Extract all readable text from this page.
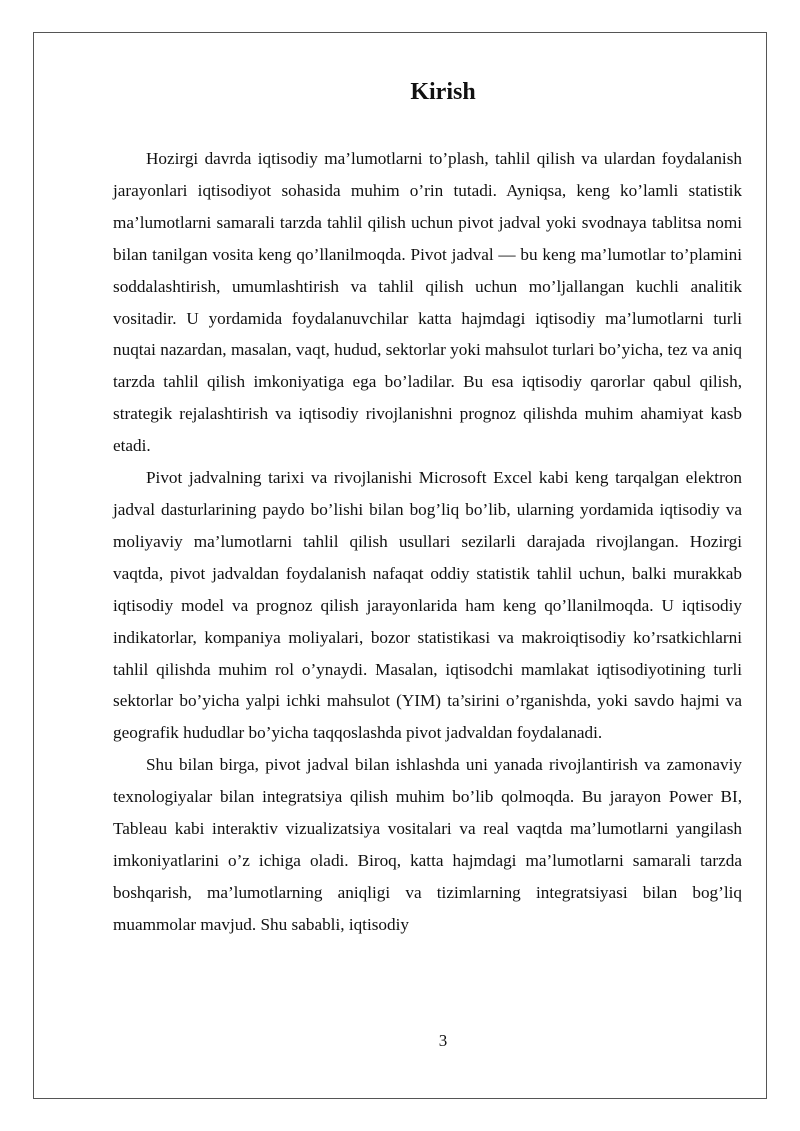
Kirish

Hozirgi davrda iqtisodiy ma’lumotlarni to’plash, tahlil qilish va ulardan foydalanish jarayonlari iqtisodiyot sohasida muhim o’rin tutadi. Ayniqsa, keng ko’lamli statistik ma’lumotlarni samarali tarzda tahlil qilish uchun pivot jadval yoki svodnaya tablitsa nomi bilan tanilgan vosita keng qo’llanilmoqda. Pivot jadval — bu keng ma’lumotlar to’plamini soddalashtirish, umumlashtirish va tahlil qilish uchun mo’ljallangan kuchli analitik vositadir. U yordamida foydalanuvchilar katta hajmdagi iqtisodiy ma’lumotlarni turli nuqtai nazardan, masalan, vaqt, hudud, sektorlar yoki mahsulot turlari bo’yicha, tez va aniq tarzda tahlil qilish imkoniyatiga ega bo’ladilar. Bu esa iqtisodiy qarorlar qabul qilish, strategik rejalashtirish va iqtisodiy rivojlanishni prognoz qilishda muhim ahamiyat kasb etadi.

Pivot jadvalning tarixi va rivojlanishi Microsoft Excel kabi keng tarqalgan elektron jadval dasturlarining paydo bo’lishi bilan bog’liq bo’lib, ularning yordamida iqtisodiy va moliyaviy ma’lumotlarni tahlil qilish usullari sezilarli darajada rivojlangan. Hozirgi vaqtda, pivot jadvaldan foydalanish nafaqat oddiy statistik tahlil uchun, balki murakkab iqtisodiy model va prognoz qilish jarayonlarida ham keng qo’llanilmoqda. U iqtisodiy indikatorlar, kompaniya moliyalari, bozor statistikasi va makroiqtisodiy ko’rsatkichlarni tahlil qilishda muhim rol o’ynaydi. Masalan, iqtisodchi mamlakat iqtisodiyotining turli sektorlar bo’yicha yalpi ichki mahsulot (YIM) ta’sirini o’rganishda, yoki savdo hajmi va geografik hududlar bo’yicha taqqoslashda pivot jadvaldan foydalanadi.

Shu bilan birga, pivot jadval bilan ishlashda uni yanada rivojlantirish va zamonaviy texnologiyalar bilan integratsiya qilish muhim bo’lib qolmoqda. Bu jarayon Power BI, Tableau kabi interaktiv vizualizatsiya vositalari va real vaqtda ma’lumotlarni yangilash imkoniyatlarini o’z ichiga oladi. Biroq, katta hajmdagi ma’lumotlarni samarali tarzda boshqarish, ma’lumotlarning aniqligi va tizimlarning integratsiyasi bilan bog’liq muammolar mavjud. Shu sababli, iqtisodiy

3
